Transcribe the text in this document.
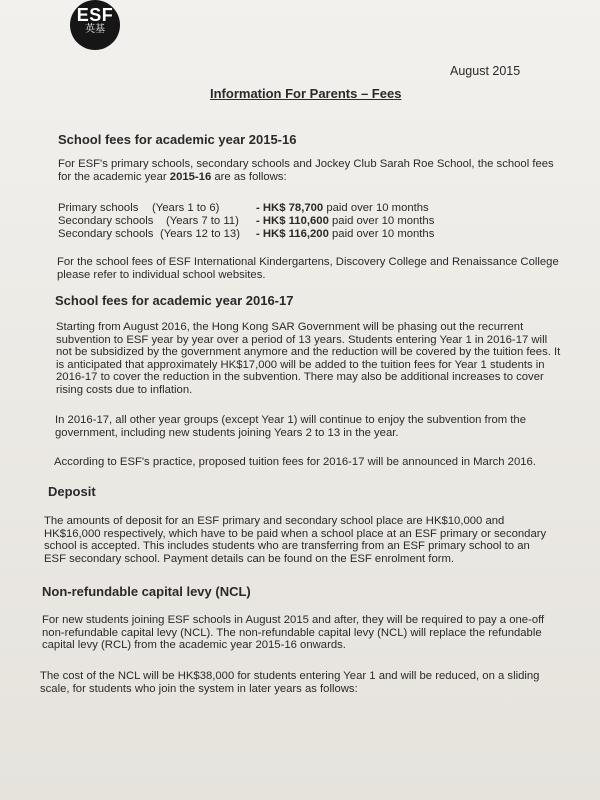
ESF
英基
August 2015
Information For Parents – Fees
School fees for academic year 2015-16
For ESF's primary schools, secondary schools and Jockey Club Sarah Roe School, the school fees
for the academic year 2015-16 are as follows:
Primary schools (Years 1 to 6)	- HK$ 78,700 paid over 10 months
Secondary schools (Years 7 to 11) - HK$ 110,600 paid over 10 months
Secondary schools (Years 12 to 13) - HK$ 116,200 paid over 10 months
For the school fees of ESF International Kindergartens, Discovery College and Renaissance College
please refer to individual school websites.
School fees for academic year 2016-17
Starting from August 2016, the Hong Kong SAR Government will be phasing out the recurrent
subvention to ESF year by year over a period of 13 years. Students entering Year 1 in 2016-17 will
not be subsidized by the government anymore and the reduction will be covered by the tuition fees. It
is anticipated that approximately HK$17,000 will be added to the tuition fees for Year 1 students in
2016-17 to cover the reduction in the subvention. There may also be additional increases to cover
rising costs due to inflation.
In 2016-17, all other year groups (except Year 1) will continue to enjoy the subvention from the
government, including new students joining Years 2 to 13 in the year.
According to ESF's practice, proposed tuition fees for 2016-17 will be announced in March 2016.
Deposit
The amounts of deposit for an ESF primary and secondary school place are HK$10,000 and
HK$16,000 respectively, which have to be paid when a school place at an ESF primary or secondary
school is accepted. This includes students who are transferring from an ESF primary school to an
ESF secondary school. Payment details can be found on the ESF enrolment form.
Non-refundable capital levy (NCL)
For new students joining ESF schools in August 2015 and after, they will be required to pay a one-off
non-refundable capital levy (NCL). The non-refundable capital levy (NCL) will replace the refundable
capital levy (RCL) from the academic year 2015-16 onwards.
The cost of the NCL will be HK$38,000 for students entering Year 1 and will be reduced, on a sliding
scale, for students who join the system in later years as follows:
